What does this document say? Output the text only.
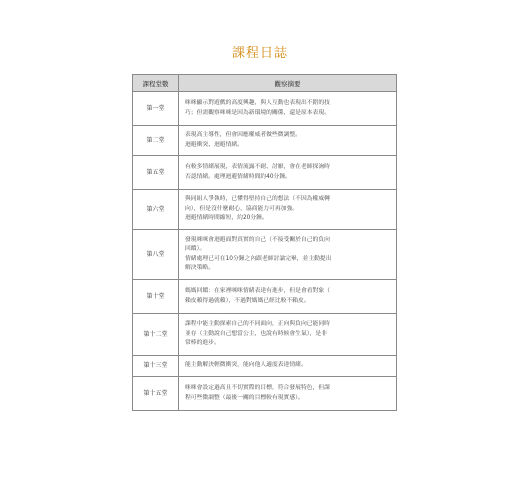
課程日誌
課程堂數	觀察摘要
第一堂	咪咪顯示對遊戲的高度興趣，與人互動也表現出不錯的技
巧；但需觀察咪咪是因為新環境的關係，還是原本表現。

第二堂	表現高主導性，但會因應權威者做些微調整。
迴避衝突、迴避情緒。

第五堂	有較多情緒展現，表情流露不耐、討厭，會在老師探詢時
否認情緒。處理迴避情緒時間約40分鐘。

第六堂	與同組人爭執時，已懂得堅持自己的想法（不因為權威轉
向），但是沒什麼耐心，協商能力可再加強。
迴避情緒時間縮短，約20分鐘。

第八堂	發現咪咪會迴避面對真實的自己（不接受關於自己的負向
回饋）。
情緒處理已可在10分鐘之內跟老師討論完畢，並主動提出
解決策略。

第十堂	媽媽回饋：在家裡咪咪情緒表達有進步，但是會看對象（
賴皮賴得過就賴），不過對媽媽已經比較不賴皮。

第十二堂	課程中能主動探索自己的不同面向，正向與負向已能同時
並存（主動說自己想當公主，也說有時候會生氣），是非
常棒的進步。

第十三堂	能主動解決輕微衝突，能向他人適度表達情緒。

第十五堂	咪咪會設定過高且不切實際的目標，符合發展特色，但課
程可些微調整（最後一關的目標較有現實感）。
